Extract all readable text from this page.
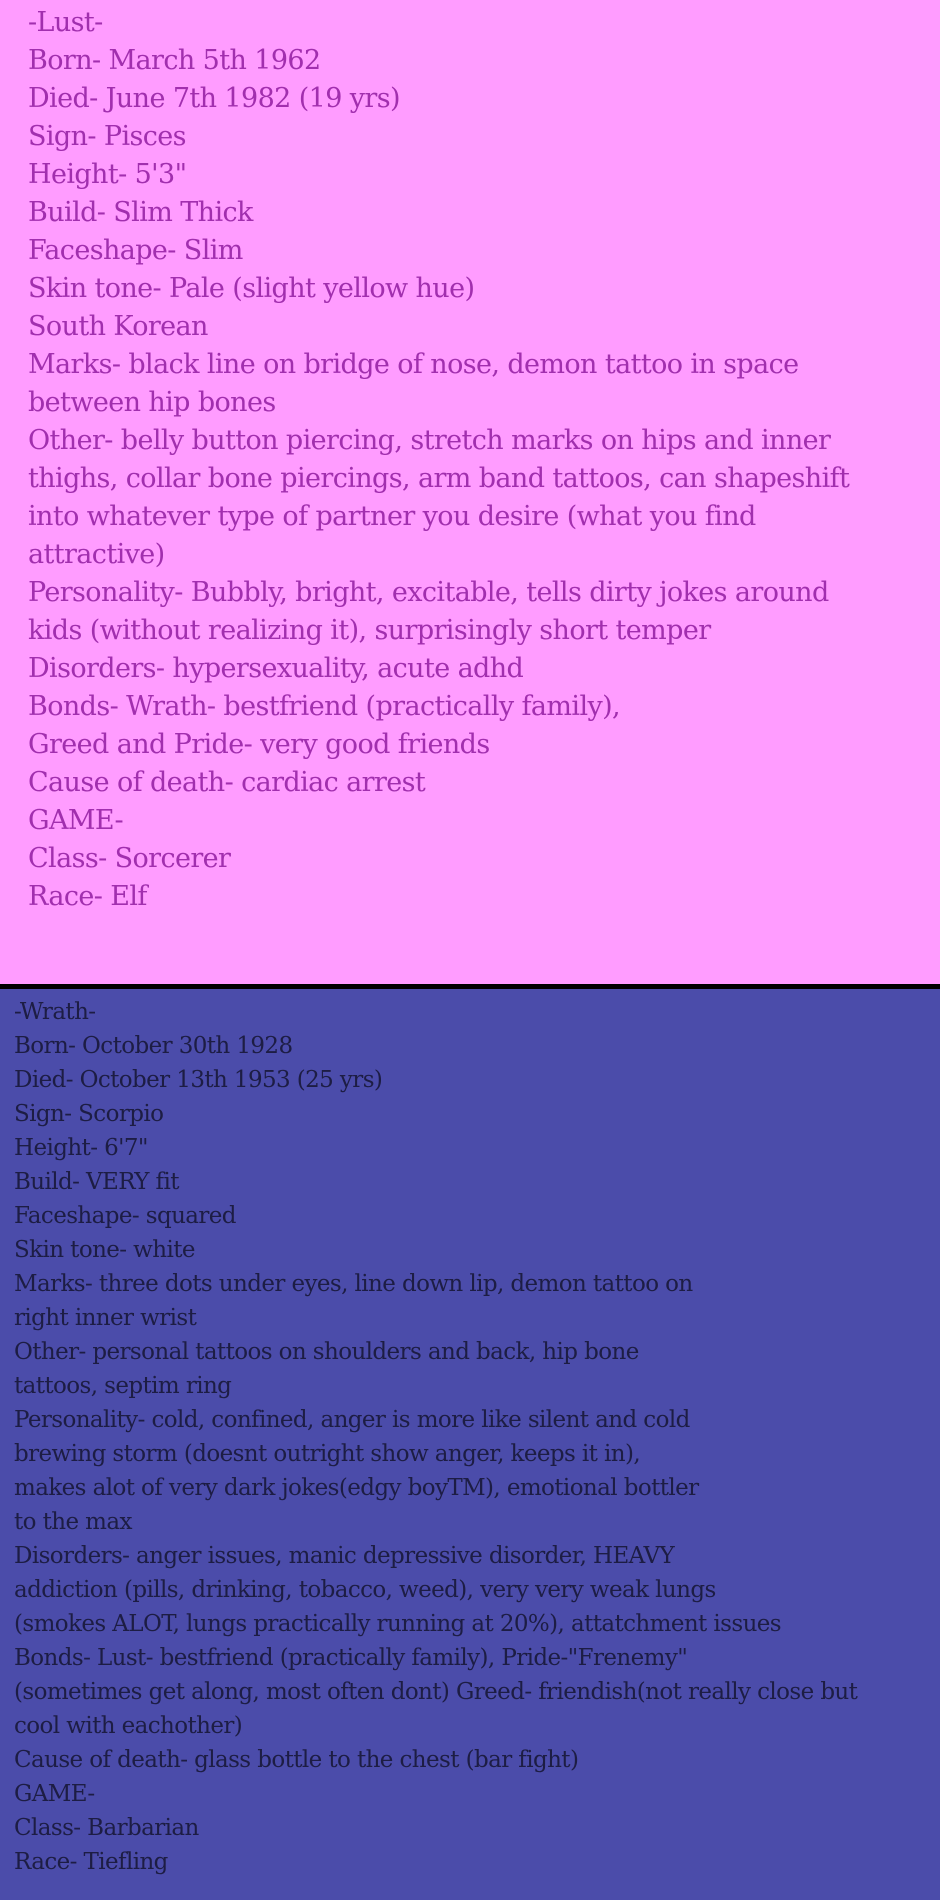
-Lust-
Born- March 5th 1962
Died- June 7th 1982 (19 yrs)
Sign- Pisces
Height- 5'3"
Build- Slim Thick
Faceshape- Slim
Skin tone- Pale (slight yellow hue)
South Korean
Marks- black line on bridge of nose, demon tattoo in space
between hip bones
Other- belly button piercing, stretch marks on hips and inner
thighs, collar bone piercings, arm band tattoos, can shapeshift
into whatever type of partner you desire (what you find
attractive)
Personality- Bubbly, bright, excitable, tells dirty jokes around
kids (without realizing it), surprisingly short temper
Disorders- hypersexuality, acute adhd
Bonds- Wrath- bestfriend (practically family),
Greed and Pride- very good friends
Cause of death- cardiac arrest
GAME-
Class- Sorcerer
Race- Elf
-Wrath-
Born- October 30th 1928
Died- October 13th 1953 (25 yrs)
Sign- Scorpio
Height- 6'7"
Build- VERY fit
Faceshape- squared
Skin tone- white
Marks- three dots under eyes, line down lip, demon tattoo on
right inner wrist
Other- personal tattoos on shoulders and back, hip bone
tattoos, septim ring
Personality- cold, confined, anger is more like silent and cold
brewing storm (doesnt outright show anger, keeps it in),
makes alot of very dark jokes(edgy boyTM), emotional bottler
to the max
Disorders- anger issues, manic depressive disorder, HEAVY
addiction (pills, drinking, tobacco, weed), very very weak lungs
(smokes ALOT, lungs practically running at 20%), attatchment issues
Bonds- Lust- bestfriend (practically family), Pride-"Frenemy"
(sometimes get along, most often dont) Greed- friendish(not really close but
cool with eachother)
Cause of death- glass bottle to the chest (bar fight)
GAME-
Class- Barbarian
Race- Tiefling
